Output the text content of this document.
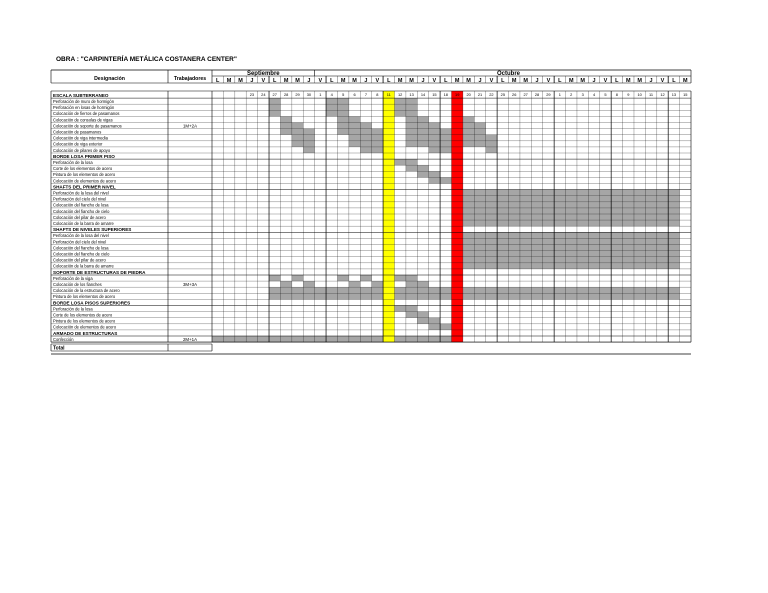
OBRA : "CARPINTERÍA METÁLICA COSTANERA CENTER"
Designación	Trabajadores
Septiembre	Octubre
L M M J V L M M J V L M M J V L M M J V L M M J V L M M J V L M M J V L M M J V L M
23 24 27 28 29 30 1 4 5 6 7 8 11 12 13 14 15 18 19 20 21 22 25 26 27 28 29 1 2 3 4 5 8 9 10 11 12 13 15
ESCALA SUBTERRANEO
Perforación de muro de hormigón
Perforación en losas de hormigón
Colocación de fierros de pasamanos
Colocación de consolas de vigas
Colocación de soporte de pasamanos
Colocación de pasamanos
Colocación de viga intermedia
Colocación de viga exterior
Colocación de pilares de apoyo
BORDE LOSA PRIMER PISO
Perforación de la losa
Corte de los elementos de acero
Pintura de los elementos de acero
Colocación de elementos de acero
SHAFTS DEL PRIMER NIVEL
Perforación de la losa del nivel
Perforación del cielo del nivel
Colocación del fiancho de losa
Colocación del fiancho de cielo
Colocación del pilar de acero
Colocación de la barra de amarre
SHAFTS DE NIVELES SUPERIORES
Perforación de la losa del nivel
Perforación del cielo del nivel
Colocación del fiancho de losa
Colocación del fiancho de cielo
Colocación del pilar de acero
Colocación de la barra de amarre
SOPORTE DE ESTRUCTURAS DE PIEDRA
Perforación de la viga
Colocación de los fianches
Colocación de la estructura de acero
Pintura de los elementos de acero
BORDE LOSA PISOS SUPERIORES
Perforación de la losa
Corte de los elementos de acero
Pintura de los elementos de acero
Colocación de elementos de acero
ARMADO DE ESTRUCTURAS
Confección
1M+2A
3M+3A
2M+1A
Total
